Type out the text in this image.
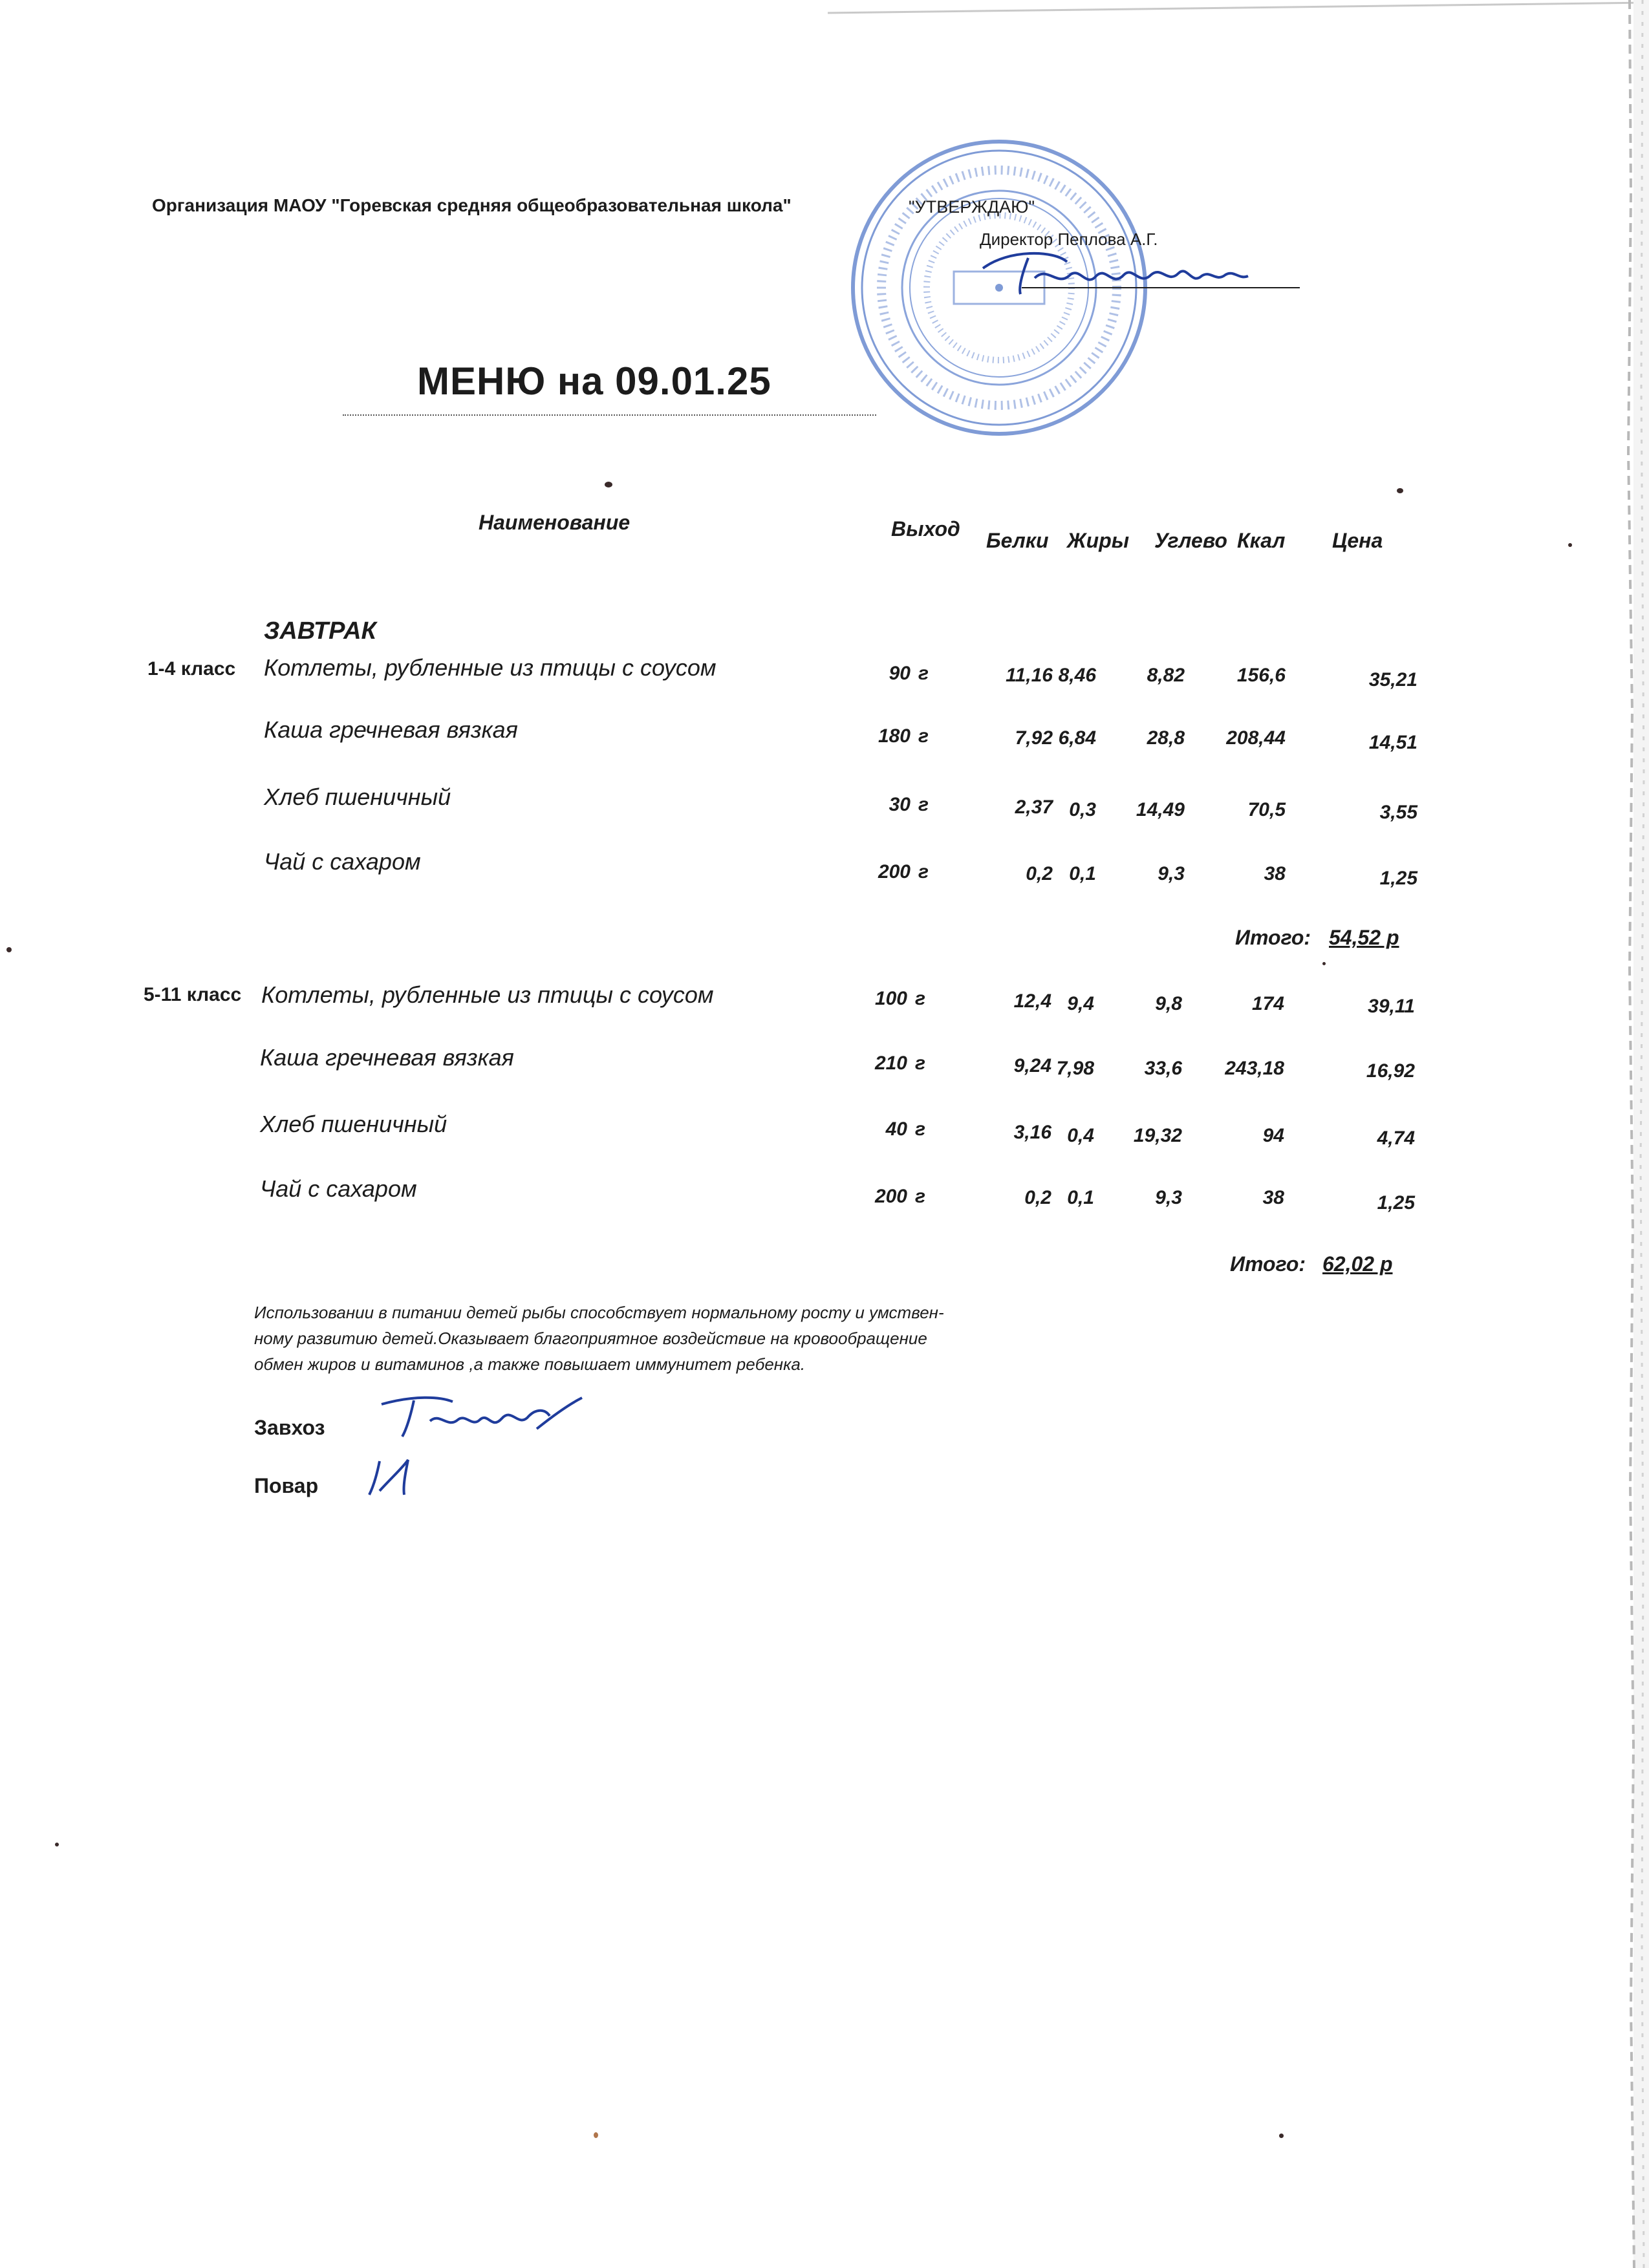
Организация МАОУ "Горевская средняя общеобразовательная школа"	"УТВЕРЖДАЮ"
Директор Пеплова А.Г.
МЕНЮ на 09.01.25
Наименование	Выход Белки Жиры Углево Ккал Цена
ЗАВТРАК
1-4 класс Котлеты, рубленные из птицы с соусом	90 г	11,16 8,46	8,82	156,6	35,21
Каша гречневая вязкая	180 г	7,92 6,84	28,8	208,44	14,51
Хлеб пшеничный	30 г	2,37 0,3	14,49	70,5	3,55
Чай с сахаром	200 г	0,2 0,1	9,3	38	1,25
Итого: 54,52 р
5-11 класс Котлеты, рубленные из птицы с соусом	100 г	12,4 9,4	9,8	174	39,11
Каша гречневая вязкая	210 г	9,24 7,98	33,6	243,18	16,92
Хлеб пшеничный	40 г	3,16 0,4	19,32	94	4,74
Чай с сахаром	200 г	0,2 0,1	9,3	38	1,25
Итого: 62,02 р
Использовании в питании детей рыбы способствует нормальному росту и умствен-
ному развитию детей.Оказывает благоприятное воздействие на кровообращение
обмен жиров и витаминов ,а также повышает иммунитет ребенка.
Завхоз
Повар
